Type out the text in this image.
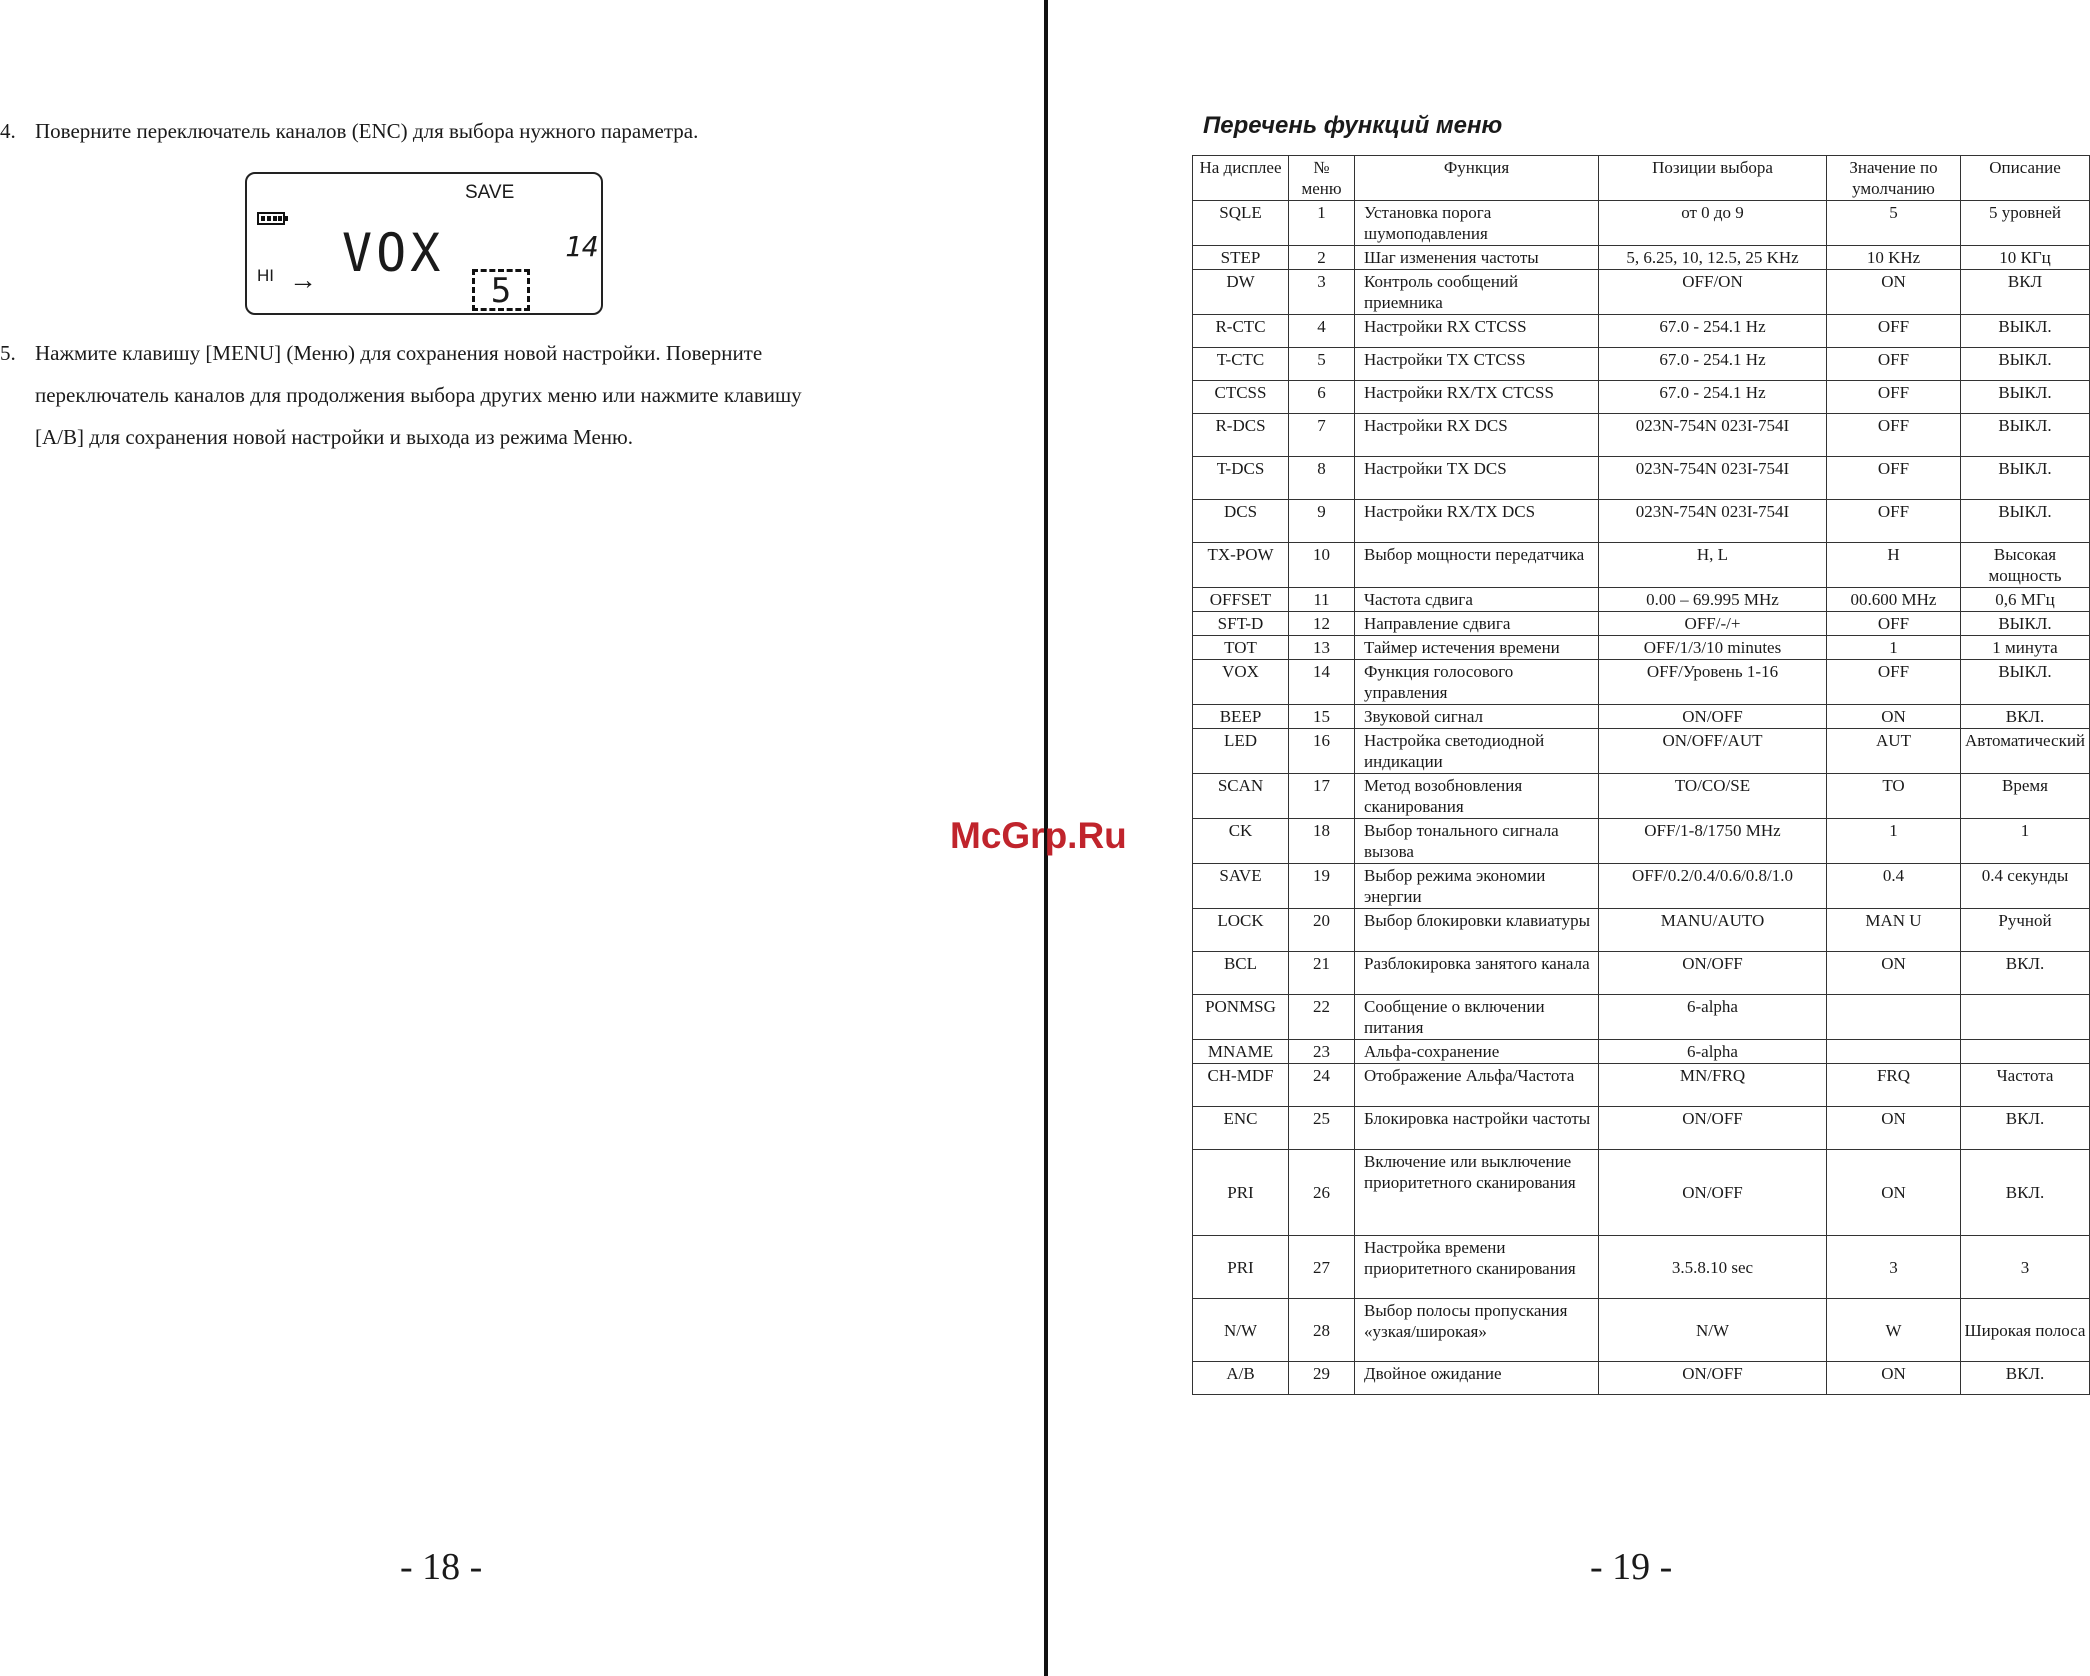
4. Поверните переключатель каналов (ENC) для выбора нужного параметра.
SAVE
VOX	14
HI →	5
5. Нажмите клавишу [MENU] (Меню) для сохранения новой настройки. Поверните
переключатель каналов для продолжения выбора других меню или нажмите клавишу
[A/B] для сохранения новой настройки и выхода из режима Меню.
- 18 -
Перечень функций меню
На дисплее	№ меню	Функция	Позиции выбора	Значение по умолчанию	Описание
SQLE	1	Установка порога шумоподавления	от 0 до 9	5	5 уровней
STEP	2	Шаг изменения частоты	5, 6.25, 10, 12.5, 25 KHz	10 KHz	10 КГц
DW	3	Контроль сообщений приемника	OFF/ON	ON	ВКЛ
R-CTC	4	Настройки RX CTCSS	67.0 - 254.1 Hz	OFF	ВЫКЛ.
T-CTC	5	Настройки TX CTCSS	67.0 - 254.1 Hz	OFF	ВЫКЛ.
CTCSS	6	Настройки RX/TX CTCSS	67.0 - 254.1 Hz	OFF	ВЫКЛ.
R-DCS	7	Настройки RX DCS	023N-754N 023I-754I	OFF	ВЫКЛ.
T-DCS	8	Настройки TX DCS	023N-754N 023I-754I	OFF	ВЫКЛ.
DCS	9	Настройки RX/TX DCS	023N-754N 023I-754I	OFF	ВЫКЛ.
TX-POW	10	Выбор мощности передатчика	H, L	H	Высокая мощность
OFFSET	11	Частота сдвига	0.00 – 69.995 MHz	00.600 MHz	0,6 МГц
SFT-D	12	Направление сдвига	OFF/-/+	OFF	ВЫКЛ.
TOT	13	Таймер истечения времени	OFF/1/3/10 minutes	1	1 минута
VOX	14	Функция голосового управления	OFF/Уровень 1-16	OFF	ВЫКЛ.
BEEP	15	Звуковой сигнал	ON/OFF	ON	ВКЛ.
LED	16	Настройка светодиодной индикации	ON/OFF/AUT	AUT	Автоматический
SCAN	17	Метод возобновления сканирования	TO/CO/SE	TO	Время
CK	18	Выбор тонального сигнала вызова	OFF/1-8/1750 MHz	1	1
SAVE	19	Выбор режима экономии энергии	OFF/0.2/0.4/0.6/0.8/1.0	0.4	0.4 секунды
LOCK	20	Выбор блокировки клавиатуры	MANU/AUTO	MAN U	Ручной
BCL	21	Разблокировка занятого канала	ON/OFF	ON	ВКЛ.
PONMSG	22	Сообщение о включении питания	6-alpha		
MNAME	23	Альфа-сохранение	6-alpha		
CH-MDF	24	Отображение Альфа/Частота	MN/FRQ	FRQ	Частота
ENC	25	Блокировка настройки частоты	ON/OFF	ON	ВКЛ.
PRI	26	Включение или выключение приоритетного сканирования	ON/OFF	ON	ВКЛ.
PRI	27	Настройка времени приоритетного сканирования	3.5.8.10 sec	3	3
N/W	28	Выбор полосы пропускания «узкая/широкая»	N/W	W	Широкая полоса
A/B	29	Двойное ожидание	ON/OFF	ON	ВКЛ.
McGrp.Ru
- 19 -
